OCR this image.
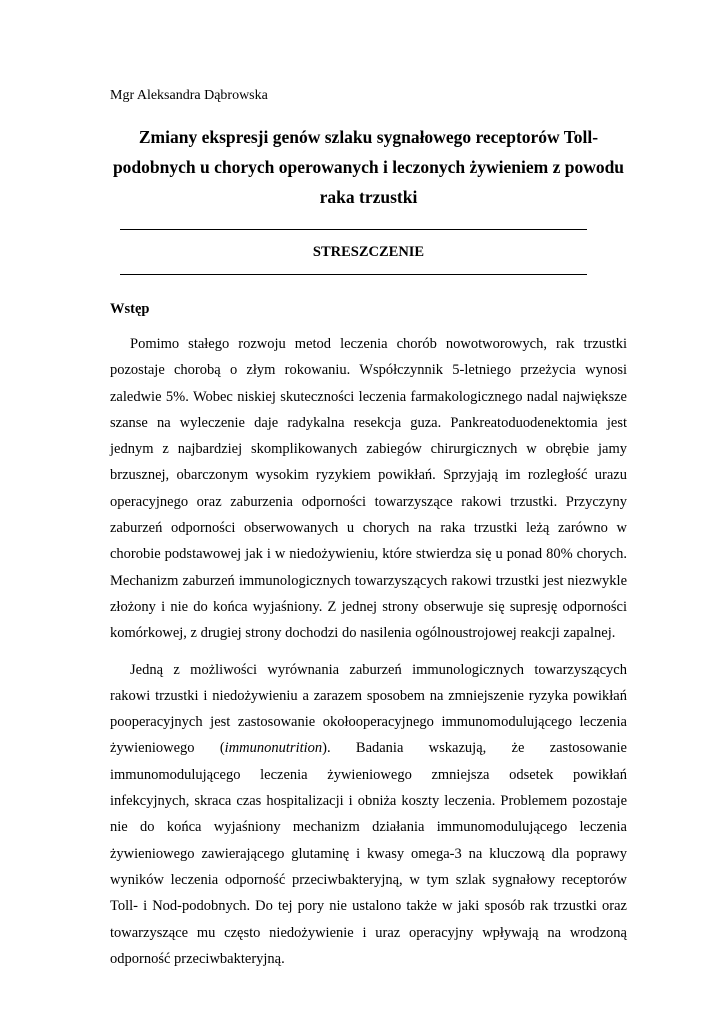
Mgr Aleksandra Dąbrowska
Zmiany ekspresji genów szlaku sygnałowego receptorów Toll-podobnych u chorych operowanych i leczonych żywieniem z powodu raka trzustki
STRESZCZENIE
Wstęp

Pomimo stałego rozwoju metod leczenia chorób nowotworowych, rak trzustki pozostaje chorobą o złym rokowaniu. Współczynnik 5-letniego przeżycia wynosi zaledwie 5%. Wobec niskiej skuteczności leczenia farmakologicznego nadal największe szanse na wyleczenie daje radykalna resekcja guza. Pankreatoduodenektomia jest jednym z najbardziej skomplikowanych zabiegów chirurgicznych w obrębie jamy brzusznej, obarczonym wysokim ryzykiem powikłań. Sprzyjają im rozległość urazu operacyjnego oraz zaburzenia odporności towarzyszące rakowi trzustki. Przyczyny zaburzeń odporności obserwowanych u chorych na raka trzustki leżą zarówno w chorobie podstawowej jak i w niedożywieniu, które stwierdza się u ponad 80% chorych. Mechanizm zaburzeń immunologicznych towarzyszących rakowi trzustki jest niezwykle złożony i nie do końca wyjaśniony. Z jednej strony obserwuje się supresję odporności komórkowej, z drugiej strony dochodzi do nasilenia ogólnoustrojowej reakcji zapalnej.

Jedną z możliwości wyrównania zaburzeń immunologicznych towarzyszących rakowi trzustki i niedożywieniu a zarazem sposobem na zmniejszenie ryzyka powikłań pooperacyjnych jest zastosowanie okołooperacyjnego immunomodulującego leczenia żywieniowego (immunonutrition). Badania wskazują, że zastosowanie immunomodulującego leczenia żywieniowego zmniejsza odsetek powikłań infekcyjnych, skraca czas hospitalizacji i obniża koszty leczenia. Problemem pozostaje nie do końca wyjaśniony mechanizm działania immunomodulującego leczenia żywieniowego zawierającego glutaminę i kwasy omega-3 na kluczową dla poprawy wyników leczenia odporność przeciwbakteryjną, w tym szlak sygnałowy receptorów Toll- i Nod-podobnych. Do tej pory nie ustalono także w jaki sposób rak trzustki oraz towarzyszące mu często niedożywienie i uraz operacyjny wpływają na wrodzoną odporność przeciwbakteryjną.
